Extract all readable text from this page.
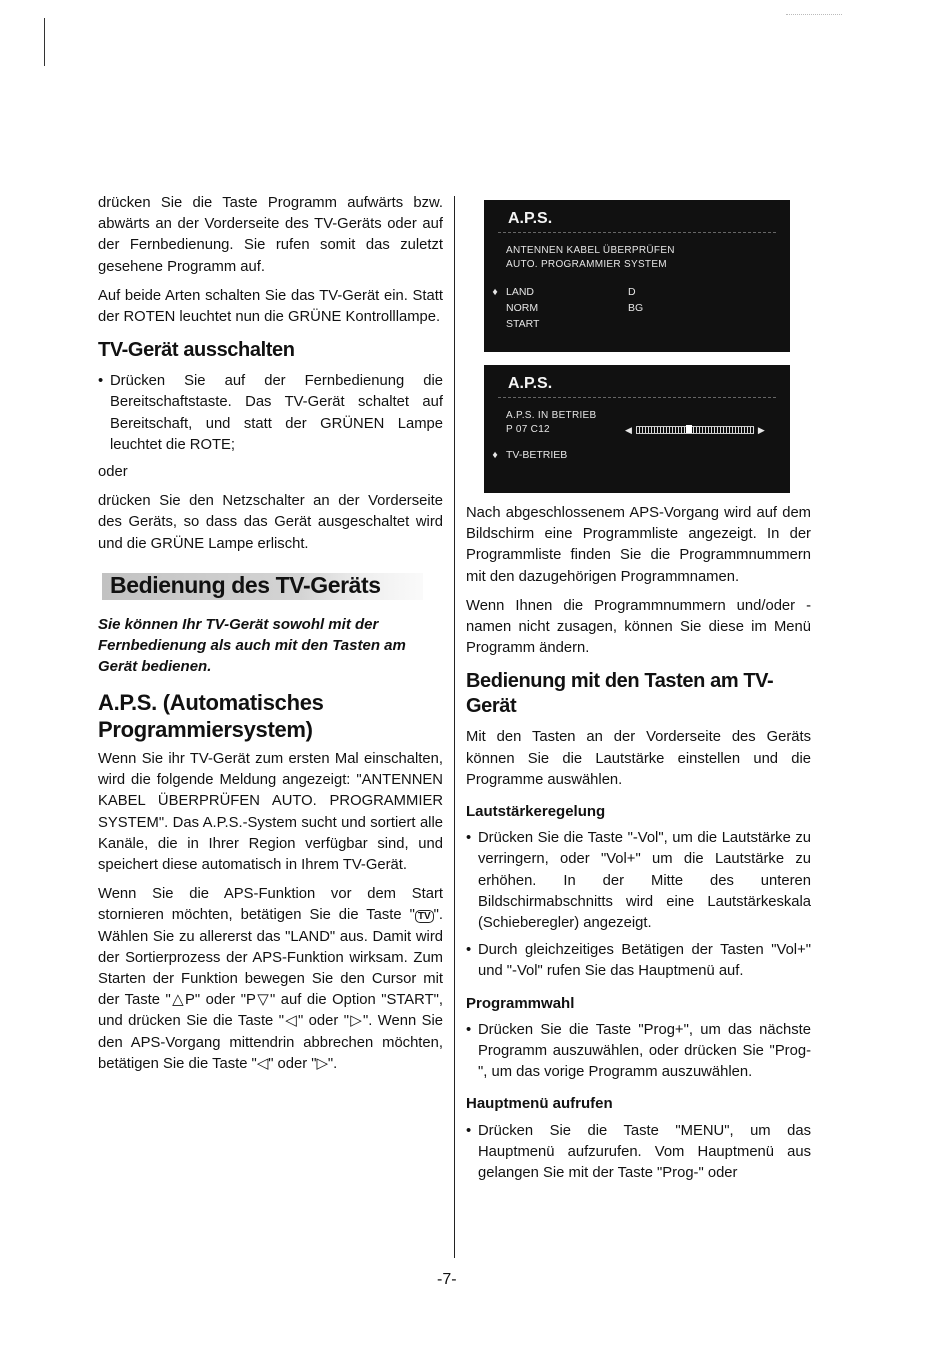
drücken Sie die Taste Programm aufwärts bzw. abwärts an der Vorderseite des TV-Geräts oder auf der Fernbedienung. Sie rufen somit das zuletzt gesehene Programm auf.

Auf beide Arten schalten Sie das TV-Gerät ein. Statt der ROTEN leuchtet nun die GRÜNE Kontrolllampe.

TV-Gerät ausschalten
• Drücken Sie auf der Fernbedienung die Bereitschaftstaste. Das TV-Gerät schaltet auf Bereitschaft, und statt der GRÜNEN Lampe leuchtet die ROTE;

oder

drücken Sie den Netzschalter an der Vorderseite des Geräts, so dass das Gerät ausgeschaltet wird und die GRÜNE Lampe erlischt.

Bedienung des TV-Geräts
Sie können Ihr TV-Gerät sowohl mit der Fernbedienung als auch mit den Tasten am Gerät bedienen.
A.P.S. (Automatisches Programmiersystem)

Wenn Sie ihr TV-Gerät zum ersten Mal einschalten, wird die folgende Meldung angezeigt: "ANTENNEN KABEL ÜBERPRÜFEN AUTO. PROGRAMMIER SYSTEM". Das A.P.S.-System sucht und sortiert alle Kanäle, die in Ihrer Region verfügbar sind, und speichert diese automatisch in Ihrem TV-Gerät.

Wenn Sie die APS-Funktion vor dem Start stornieren möchten, betätigen Sie die Taste " TV ". Wählen Sie zu allererst das "LAND" aus. Damit wird der Sortierprozess der APS-Funktion wirksam. Zum Starten der Funktion bewegen Sie den Cursor mit der Taste "△P" oder "P▽" auf die Option "START", und drücken Sie die Taste "◁" oder "▷". Wenn Sie den APS-Vorgang mittendrin abbrechen möchten, betätigen Sie die Taste "◁" oder "▷".

A.P.S.
ANTENNEN KABEL ÜBERPRÜFEN
AUTO. PROGRAMMIER SYSTEM
♦ LAND	D
NORM	BG
START
A.P.S.
A.P.S. IN BETRIEB
P 07 C12	◀	▶
♦ TV-BETRIEB

Nach abgeschlossenem APS-Vorgang wird auf dem Bildschirm eine Programmliste angezeigt. In der Programmliste finden Sie die Programmnummern mit den dazugehörigen Programmnamen.

Wenn Ihnen die Programmnummern und/oder -namen nicht zusagen, können Sie diese im Menü Programm ändern.

Bedienung mit den Tasten am TV-Gerät

Mit den Tasten an der Vorderseite des Geräts können Sie die Lautstärke einstellen und die Programme auswählen.

Lautstärkeregelung
• Drücken Sie die Taste "-Vol", um die Lautstärke zu verringern, oder "Vol+" um die Lautstärke zu erhöhen. In der Mitte des unteren Bildschirmabschnitts wird eine Lautstärkeskala (Schieberegler) angezeigt.
• Durch gleichzeitiges Betätigen der Tasten "Vol+" und "-Vol" rufen Sie das Hauptmenü auf.
Programmwahl
• Drücken Sie die Taste "Prog+", um das nächste Programm auszuwählen, oder drücken Sie "Prog-", um das vorige Programm auszuwählen.
Hauptmenü aufrufen
• Drücken Sie die Taste "MENU", um das Hauptmenü aufzurufen. Vom Hauptmenü aus gelangen Sie mit der Taste "Prog-" oder
-7-
